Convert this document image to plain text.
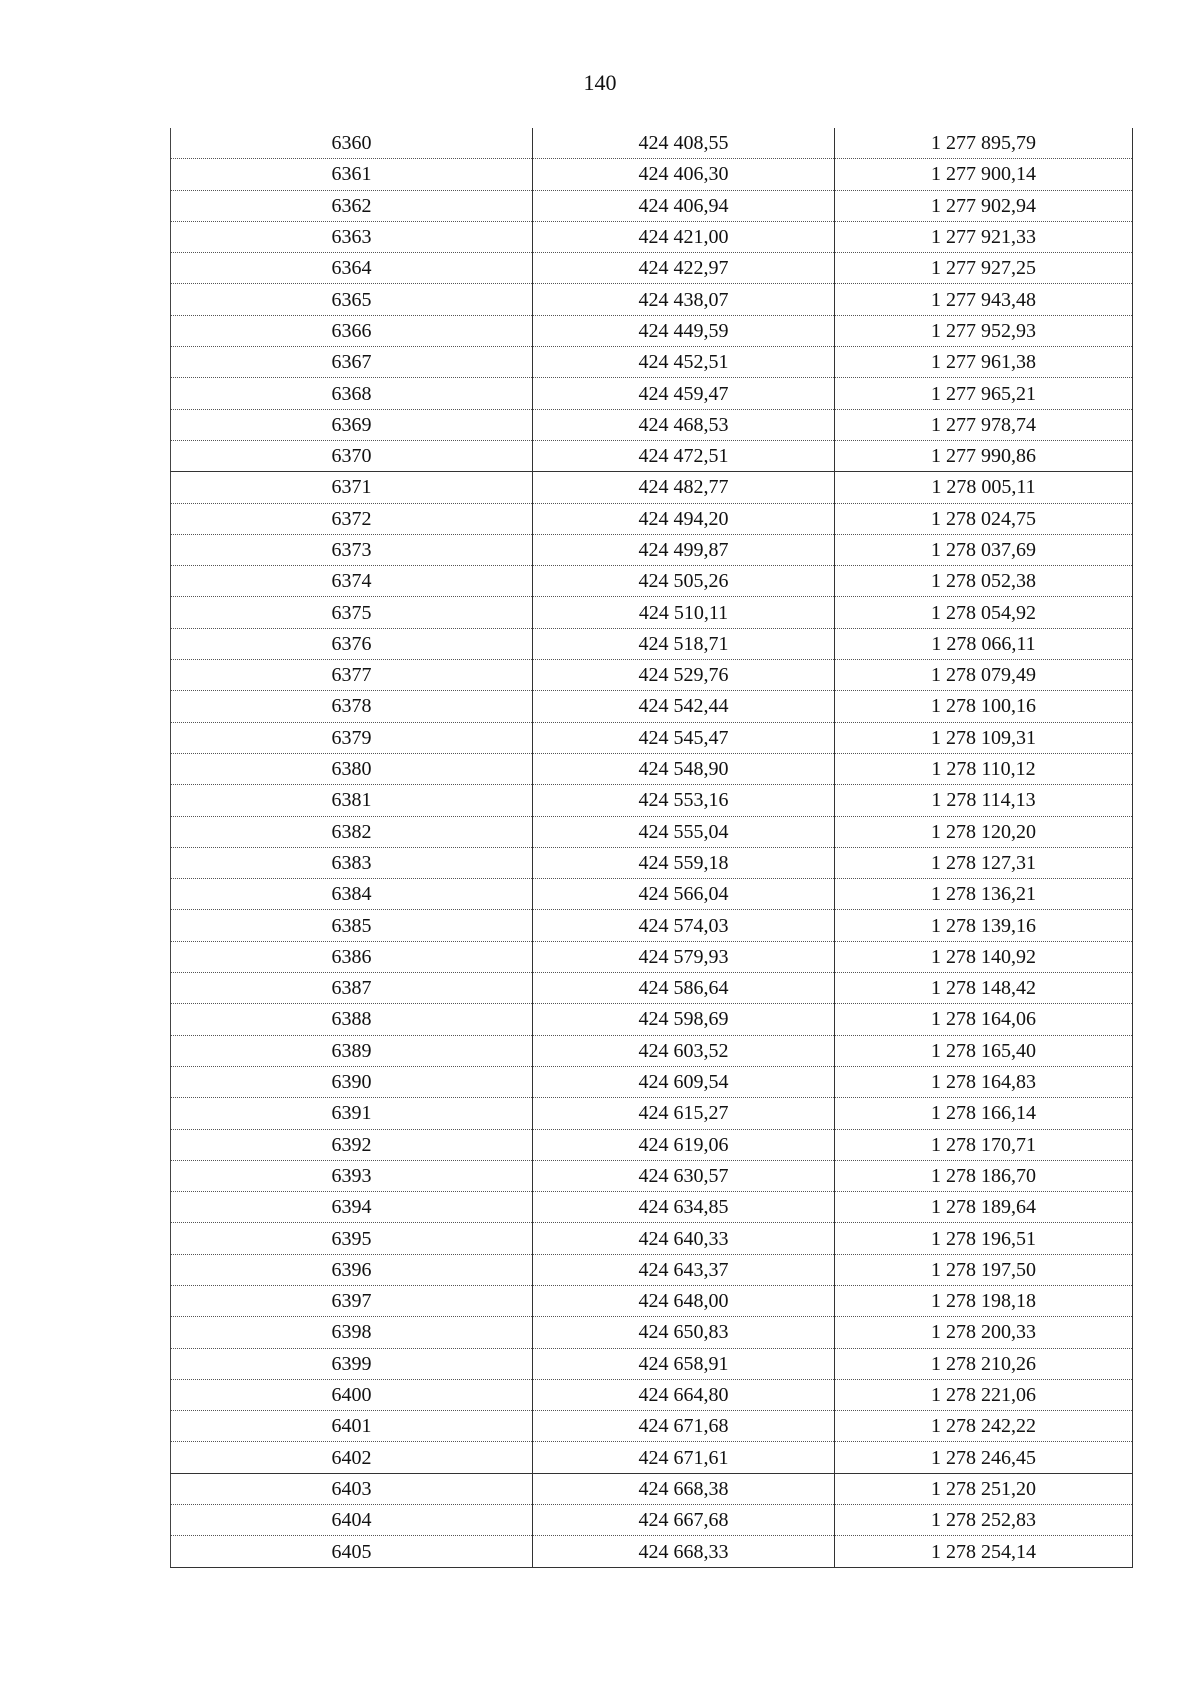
140
6360	424 408,55	1 277 895,79
6361	424 406,30	1 277 900,14
6362	424 406,94	1 277 902,94
6363	424 421,00	1 277 921,33
6364	424 422,97	1 277 927,25
6365	424 438,07	1 277 943,48
6366	424 449,59	1 277 952,93
6367	424 452,51	1 277 961,38
6368	424 459,47	1 277 965,21
6369	424 468,53	1 277 978,74
6370	424 472,51	1 277 990,86
6371	424 482,77	1 278 005,11
6372	424 494,20	1 278 024,75
6373	424 499,87	1 278 037,69
6374	424 505,26	1 278 052,38
6375	424 510,11	1 278 054,92
6376	424 518,71	1 278 066,11
6377	424 529,76	1 278 079,49
6378	424 542,44	1 278 100,16
6379	424 545,47	1 278 109,31
6380	424 548,90	1 278 110,12
6381	424 553,16	1 278 114,13
6382	424 555,04	1 278 120,20
6383	424 559,18	1 278 127,31
6384	424 566,04	1 278 136,21
6385	424 574,03	1 278 139,16
6386	424 579,93	1 278 140,92
6387	424 586,64	1 278 148,42
6388	424 598,69	1 278 164,06
6389	424 603,52	1 278 165,40
6390	424 609,54	1 278 164,83
6391	424 615,27	1 278 166,14
6392	424 619,06	1 278 170,71
6393	424 630,57	1 278 186,70
6394	424 634,85	1 278 189,64
6395	424 640,33	1 278 196,51
6396	424 643,37	1 278 197,50
6397	424 648,00	1 278 198,18
6398	424 650,83	1 278 200,33
6399	424 658,91	1 278 210,26
6400	424 664,80	1 278 221,06
6401	424 671,68	1 278 242,22
6402	424 671,61	1 278 246,45
6403	424 668,38	1 278 251,20
6404	424 667,68	1 278 252,83
6405	424 668,33	1 278 254,14
